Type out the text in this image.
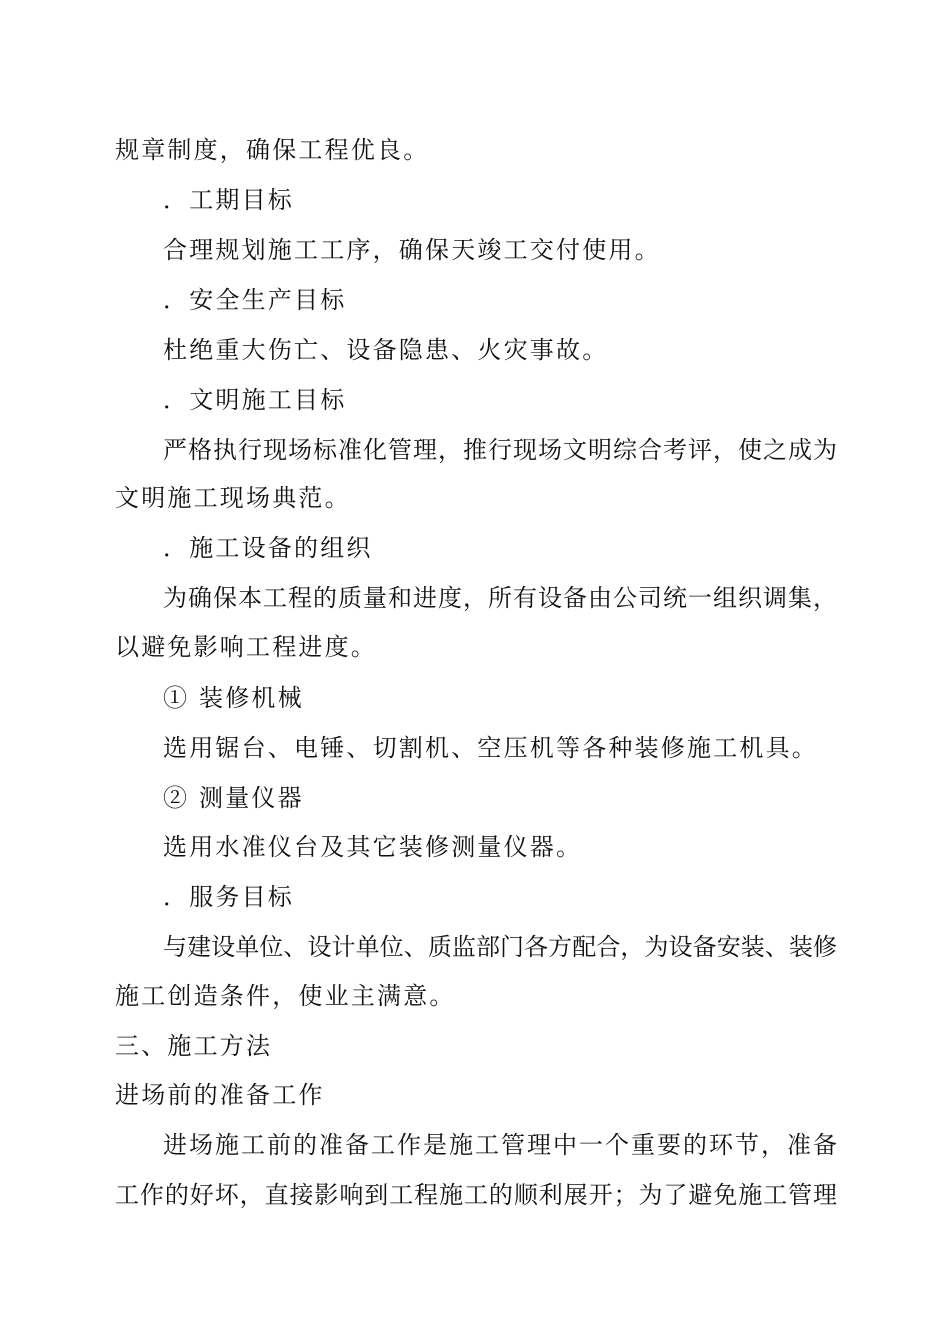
规章制度，确保工程优良。
．工期目标
合理规划施工工序，确保天竣工交付使用。
．安全生产目标
杜绝重大伤亡、设备隐患、火灾事故。
．文明施工目标
严格执行现场标准化管理，推行现场文明综合考评，使之成为
文明施工现场典范。
．施工设备的组织
为确保本工程的质量和进度，所有设备由公司统一组织调集，
以避免影响工程进度。
① 装修机械
选用锯台、电锤、切割机、空压机等各种装修施工机具。
② 测量仪器
选用水准仪台及其它装修测量仪器。
．服务目标
与建设单位、设计单位、质监部门各方配合，为设备安装、装修
施工创造条件，使业主满意。
三、施工方法
进场前的准备工作
进场施工前的准备工作是施工管理中一个重要的环节，准备
工作的好坏，直接影响到工程施工的顺利展开；为了避免施工管理
